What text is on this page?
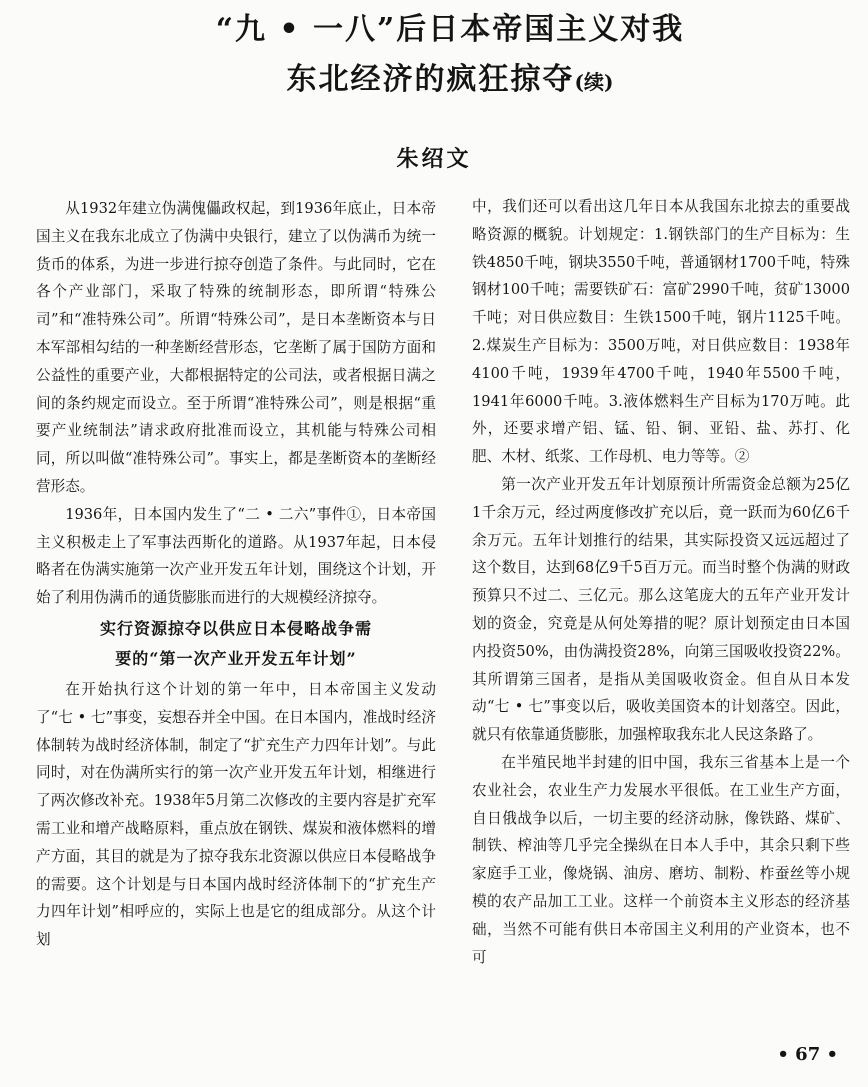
“九 • 一八”后日本帝国主义对我
东北经济的疯狂掠夺(续)
朱绍文

从1932年建立伪满傀儡政权起，到1936年底止，日本帝国主义在我东北成立了伪满中央银行，建立了以伪满币为统一货币的体系，为进一步进行掠夺创造了条件。与此同时，它在各个产业部门，采取了特殊的统制形态，即所谓“特殊公司”和“准特殊公司”。所谓“特殊公司”，是日本垄断资本与日本军部相勾结的一种垄断经营形态，它垄断了属于国防方面和公益性的重要产业，大都根据特定的公司法，或者根据日满之间的条约规定而设立。至于所谓“准特殊公司”，则是根据“重要产业统制法”请求政府批准而设立，其机能与特殊公司相同，所以叫做“准特殊公司”。事实上，都是垄断资本的垄断经营形态。

1936年，日本国内发生了“二 • 二六”事件①，日本帝国主义积极走上了军事法西斯化的道路。从1937年起，日本侵略者在伪满实施第一次产业开发五年计划，围绕这个计划，开始了利用伪满币的通货膨胀而进行的大规模经济掠夺。

实行资源掠夺以供应日本侵略战争需
要的“第一次产业开发五年计划”

在开始执行这个计划的第一年中，日本帝国主义发动了“七 • 七”事变，妄想吞并全中国。在日本国内，准战时经济体制转为战时经济体制，制定了“扩充生产力四年计划”。与此同时，对在伪满所实行的第一次产业开发五年计划，相继进行了两次修改补充。1938年5月第二次修改的主要内容是扩充军需工业和增产战略原料，重点放在钢铁、煤炭和液体燃料的增产方面，其目的就是为了掠夺我东北资源以供应日本侵略战争的需要。这个计划是与日本国内战时经济体制下的“扩充生产力四年计划”相呼应的，实际上也是它的组成部分。从这个计划

中，我们还可以看出这几年日本从我国东北掠去的重要战略资源的概貌。计划规定：1.钢铁部门的生产目标为：生铁4850千吨，钢块3550千吨，普通钢材1700千吨，特殊钢材100千吨；需要铁矿石：富矿2990千吨，贫矿13000千吨；对日供应数目：生铁1500千吨，钢片1125千吨。2.煤炭生产目标为：3500万吨，对日供应数目：1938年4100千吨，1939年4700千吨，1940年5500千吨，1941年6000千吨。3.液体燃料生产目标为170万吨。此外，还要求增产铝、锰、铅、铜、亚铅、盐、苏打、化肥、木材、纸浆、工作母机、电力等等。②

第一次产业开发五年计划原预计所需资金总额为25亿1千余万元，经过两度修改扩充以后，竟一跃而为60亿6千余万元。五年计划推行的结果，其实际投资又远远超过了这个数目，达到68亿9千5百万元。而当时整个伪满的财政预算只不过二、三亿元。那么这笔庞大的五年产业开发计划的资金，究竟是从何处筹措的呢？原计划预定由日本国内投资50%，由伪满投资28%，向第三国吸收投资22%。其所谓第三国者，是指从美国吸收资金。但自从日本发动“七 • 七”事变以后，吸收美国资本的计划落空。因此，就只有依靠通货膨胀，加强榨取我东北人民这条路了。

在半殖民地半封建的旧中国，我东三省基本上是一个农业社会，农业生产力发展水平很低。在工业生产方面，自日俄战争以后，一切主要的经济动脉，像铁路、煤矿、制铁、榨油等几乎完全操纵在日本人手中，其余只剩下些家庭手工业，像烧锅、油房、磨坊、制粉、柞蚕丝等小规模的农产品加工工业。这样一个前资本主义形态的经济基础，当然不可能有供日本帝国主义利用的产业资本，也不可

• 67 •
